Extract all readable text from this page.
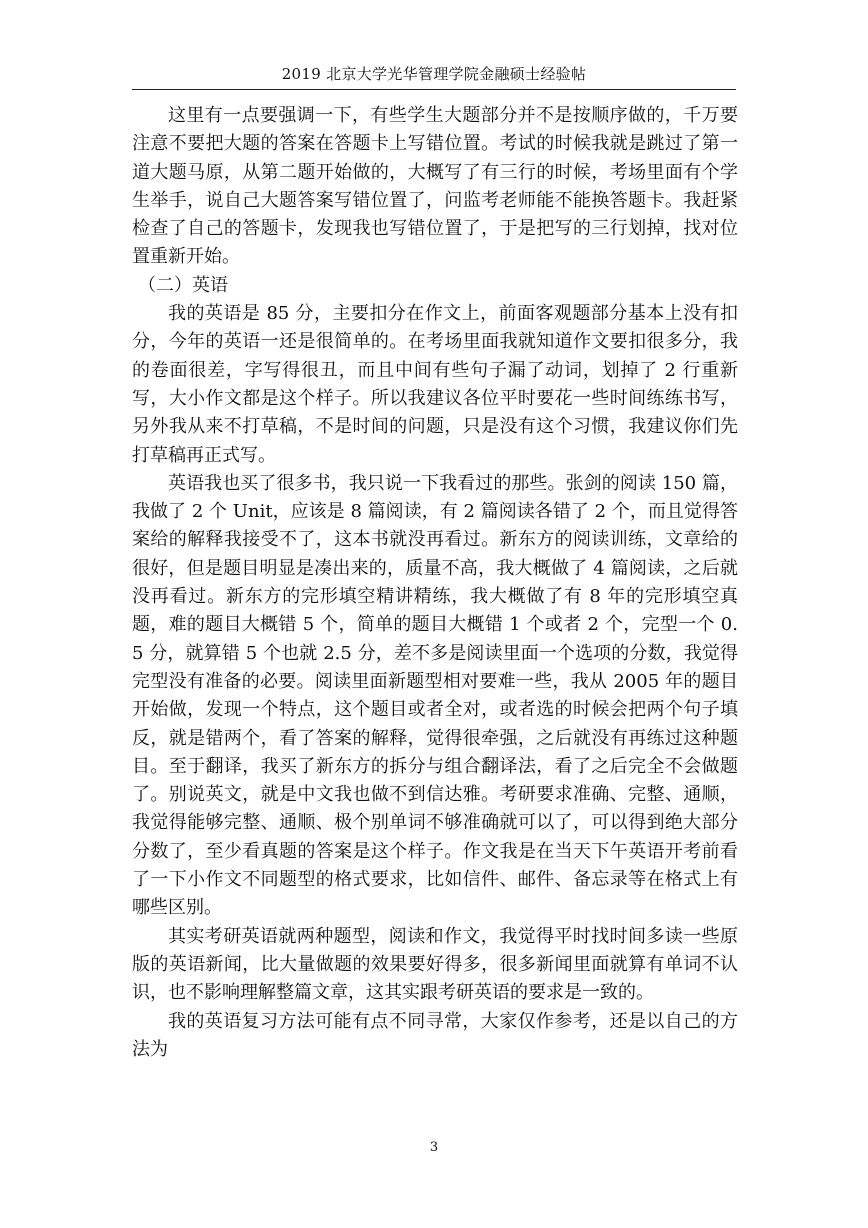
2019 北京大学光华管理学院金融硕士经验帖

这里有一点要强调一下，有些学生大题部分并不是按顺序做的，千万要注意不要把大题的答案在答题卡上写错位置。考试的时候我就是跳过了第一道大题马原，从第二题开始做的，大概写了有三行的时候，考场里面有个学生举手，说自己大题答案写错位置了，问监考老师能不能换答题卡。我赶紧检查了自己的答题卡，发现我也写错位置了，于是把写的三行划掉，找对位置重新开始。

（二）英语

我的英语是 85 分，主要扣分在作文上，前面客观题部分基本上没有扣分，今年的英语一还是很简单的。在考场里面我就知道作文要扣很多分，我的卷面很差，字写得很丑，而且中间有些句子漏了动词，划掉了 2 行重新写，大小作文都是这个样子。所以我建议各位平时要花一些时间练练书写，另外我从来不打草稿，不是时间的问题，只是没有这个习惯，我建议你们先打草稿再正式写。

英语我也买了很多书，我只说一下我看过的那些。张剑的阅读 150 篇，我做了 2 个 Unit，应该是 8 篇阅读，有 2 篇阅读各错了 2 个，而且觉得答案给的解释我接受不了，这本书就没再看过。新东方的阅读训练，文章给的很好，但是题目明显是凑出来的，质量不高，我大概做了 4 篇阅读，之后就没再看过。新东方的完形填空精讲精练，我大概做了有 8 年的完形填空真题，难的题目大概错 5 个，简单的题目大概错 1 个或者 2 个，完型一个 0.5 分，就算错 5 个也就 2.5 分，差不多是阅读里面一个选项的分数，我觉得完型没有准备的必要。阅读里面新题型相对要难一些，我从 2005 年的题目开始做，发现一个特点，这个题目或者全对，或者选的时候会把两个句子填反，就是错两个，看了答案的解释，觉得很牵强，之后就没有再练过这种题目。至于翻译，我买了新东方的拆分与组合翻译法，看了之后完全不会做题了。别说英文，就是中文我也做不到信达雅。考研要求准确、完整、通顺，我觉得能够完整、通顺、极个别单词不够准确就可以了，可以得到绝大部分分数了，至少看真题的答案是这个样子。作文我是在当天下午英语开考前看了一下小作文不同题型的格式要求，比如信件、邮件、备忘录等在格式上有哪些区别。

其实考研英语就两种题型，阅读和作文，我觉得平时找时间多读一些原版的英语新闻，比大量做题的效果要好得多，很多新闻里面就算有单词不认识，也不影响理解整篇文章，这其实跟考研英语的要求是一致的。

我的英语复习方法可能有点不同寻常，大家仅作参考，还是以自己的方法为

3
